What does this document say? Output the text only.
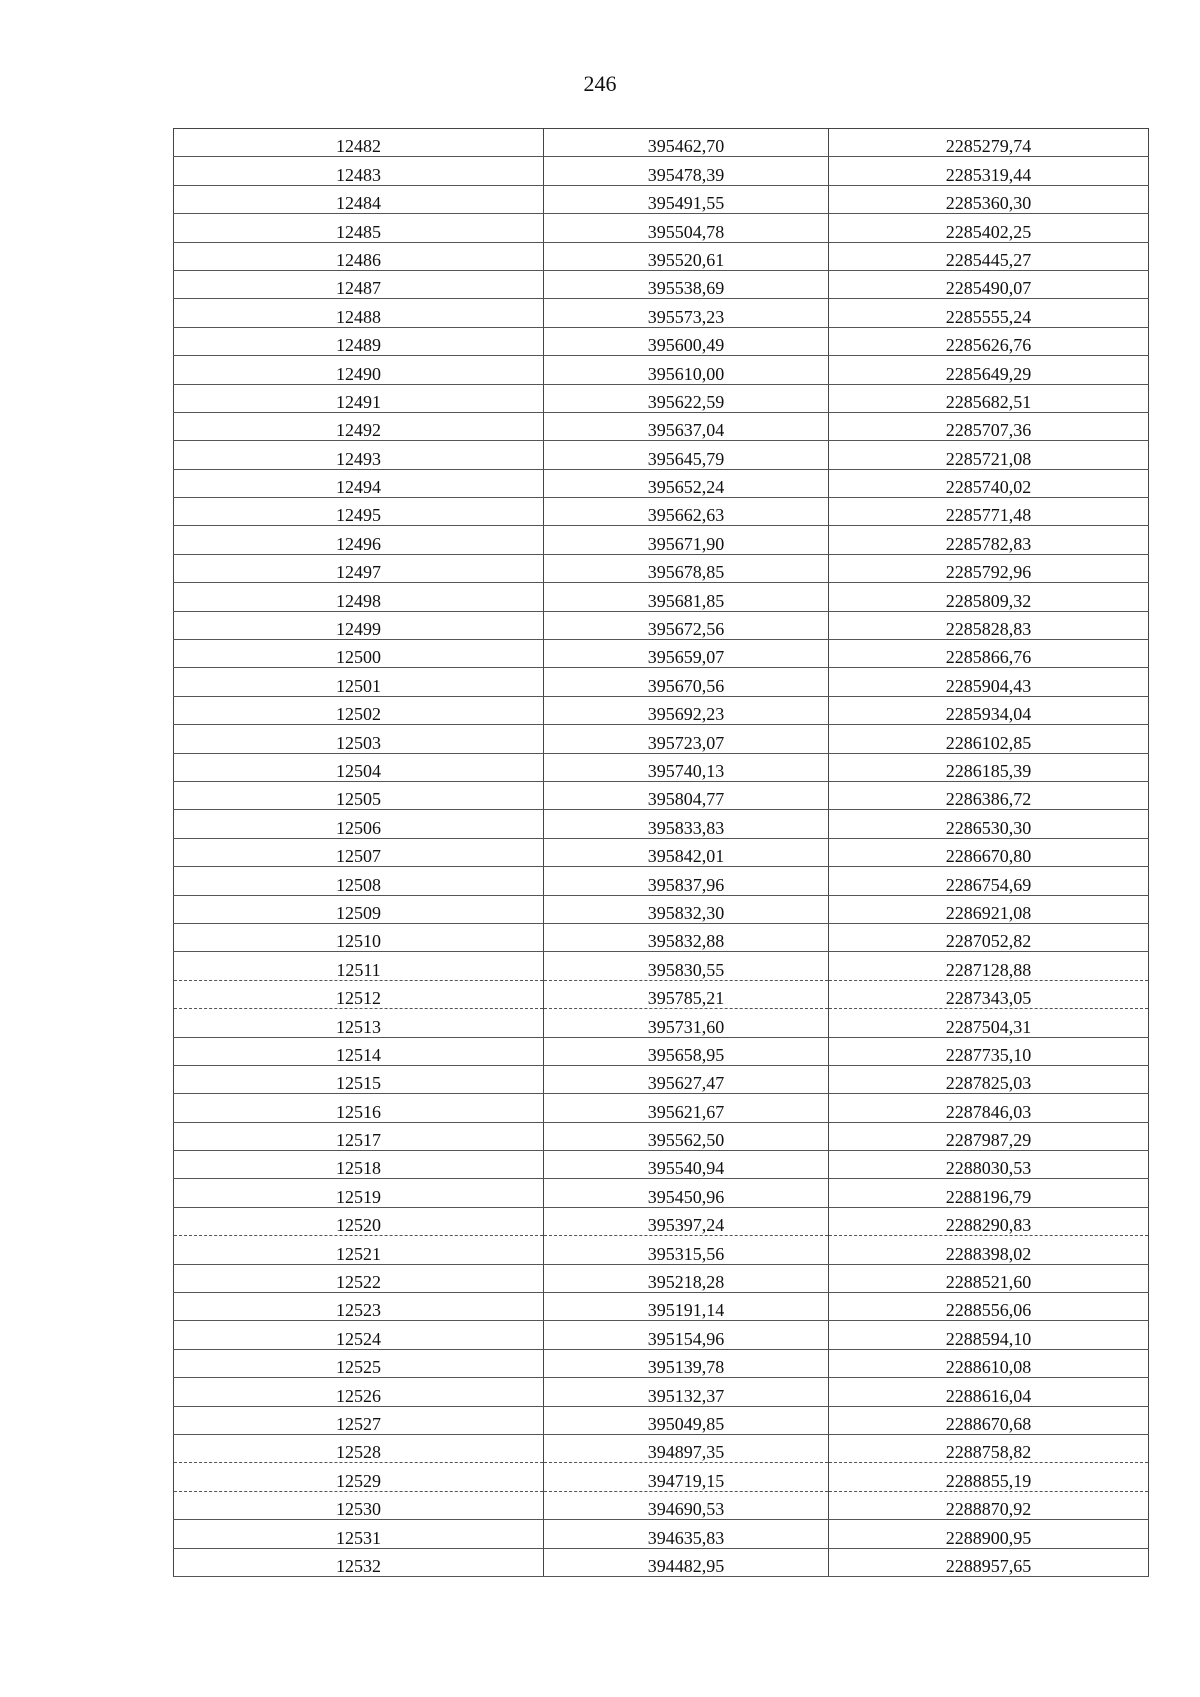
246
12482	395462,70	2285279,74
12483	395478,39	2285319,44
12484	395491,55	2285360,30
12485	395504,78	2285402,25
12486	395520,61	2285445,27
12487	395538,69	2285490,07
12488	395573,23	2285555,24
12489	395600,49	2285626,76
12490	395610,00	2285649,29
12491	395622,59	2285682,51
12492	395637,04	2285707,36
12493	395645,79	2285721,08
12494	395652,24	2285740,02
12495	395662,63	2285771,48
12496	395671,90	2285782,83
12497	395678,85	2285792,96
12498	395681,85	2285809,32
12499	395672,56	2285828,83
12500	395659,07	2285866,76
12501	395670,56	2285904,43
12502	395692,23	2285934,04
12503	395723,07	2286102,85
12504	395740,13	2286185,39
12505	395804,77	2286386,72
12506	395833,83	2286530,30
12507	395842,01	2286670,80
12508	395837,96	2286754,69
12509	395832,30	2286921,08
12510	395832,88	2287052,82
12511	395830,55	2287128,88
12512	395785,21	2287343,05
12513	395731,60	2287504,31
12514	395658,95	2287735,10
12515	395627,47	2287825,03
12516	395621,67	2287846,03
12517	395562,50	2287987,29
12518	395540,94	2288030,53
12519	395450,96	2288196,79
12520	395397,24	2288290,83
12521	395315,56	2288398,02
12522	395218,28	2288521,60
12523	395191,14	2288556,06
12524	395154,96	2288594,10
12525	395139,78	2288610,08
12526	395132,37	2288616,04
12527	395049,85	2288670,68
12528	394897,35	2288758,82
12529	394719,15	2288855,19
12530	394690,53	2288870,92
12531	394635,83	2288900,95
12532	394482,95	2288957,65
